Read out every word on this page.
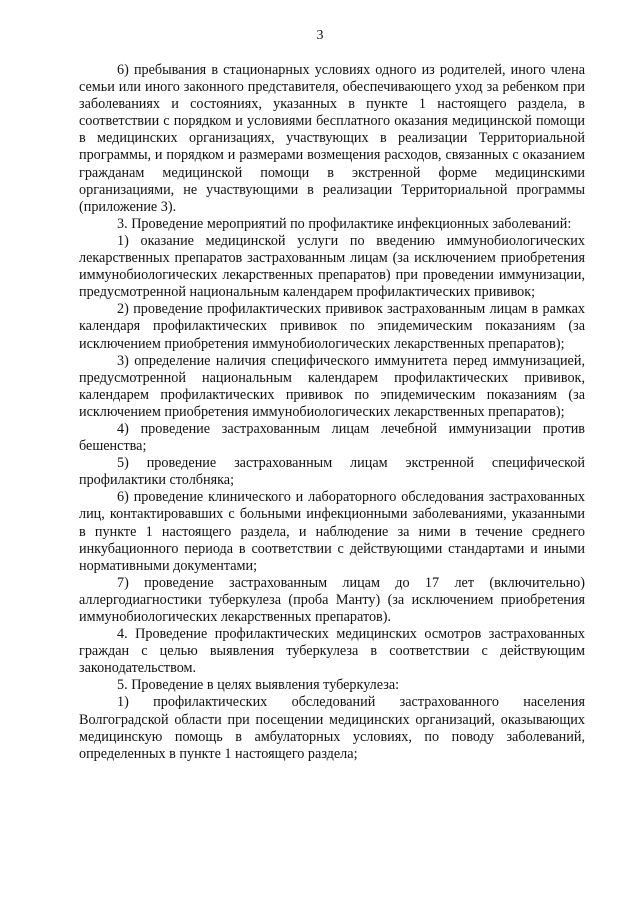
3

6) пребывания в стационарных условиях одного из родителей, иного члена семьи или иного законного представителя, обеспечивающего уход за ребенком при заболеваниях и состояниях, указанных в пункте 1 настоящего раздела, в соответствии с порядком и условиями бесплатного оказания медицинской помощи в медицинских организациях, участвующих в реализации Территориальной программы, и порядком и размерами возмещения расходов, связанных с оказанием гражданам медицинской помощи в экстренной форме медицинскими организациями, не участвующими в реализации Территориальной программы (приложение 3).

3. Проведение мероприятий по профилактике инфекционных заболеваний:

1) оказание медицинской услуги по введению иммунобиологических лекарственных препаратов застрахованным лицам (за исключением приобретения иммунобиологических лекарственных препаратов) при проведении иммунизации, предусмотренной национальным календарем профилактических прививок;

2) проведение профилактических прививок застрахованным лицам в рамках календаря профилактических прививок по эпидемическим показаниям (за исключением приобретения иммунобиологических лекарственных препаратов);

3) определение наличия специфического иммунитета перед иммунизацией, предусмотренной национальным календарем профилактических прививок, календарем профилактических прививок по эпидемическим показаниям (за исключением приобретения иммунобиологических лекарственных препаратов);

4) проведение застрахованным лицам лечебной иммунизации против бешенства;

5) проведение застрахованным лицам экстренной специфической профилактики столбняка;

6) проведение клинического и лабораторного обследования застрахованных лиц, контактировавших с больными инфекционными заболеваниями, указанными в пункте 1 настоящего раздела, и наблюдение за ними в течение среднего инкубационного периода в соответствии с действующими стандартами и иными нормативными документами;

7) проведение застрахованным лицам до 17 лет (включительно) аллергодиагностики туберкулеза (проба Манту) (за исключением приобретения иммунобиологических лекарственных препаратов).

4. Проведение профилактических медицинских осмотров застрахованных граждан с целью выявления туберкулеза в соответствии с действующим законодательством.

5. Проведение в целях выявления туберкулеза:

1) профилактических обследований застрахованного населения Волгоградской области при посещении медицинских организаций, оказывающих медицинскую помощь в амбулаторных условиях, по поводу заболеваний, определенных в пункте 1 настоящего раздела;
